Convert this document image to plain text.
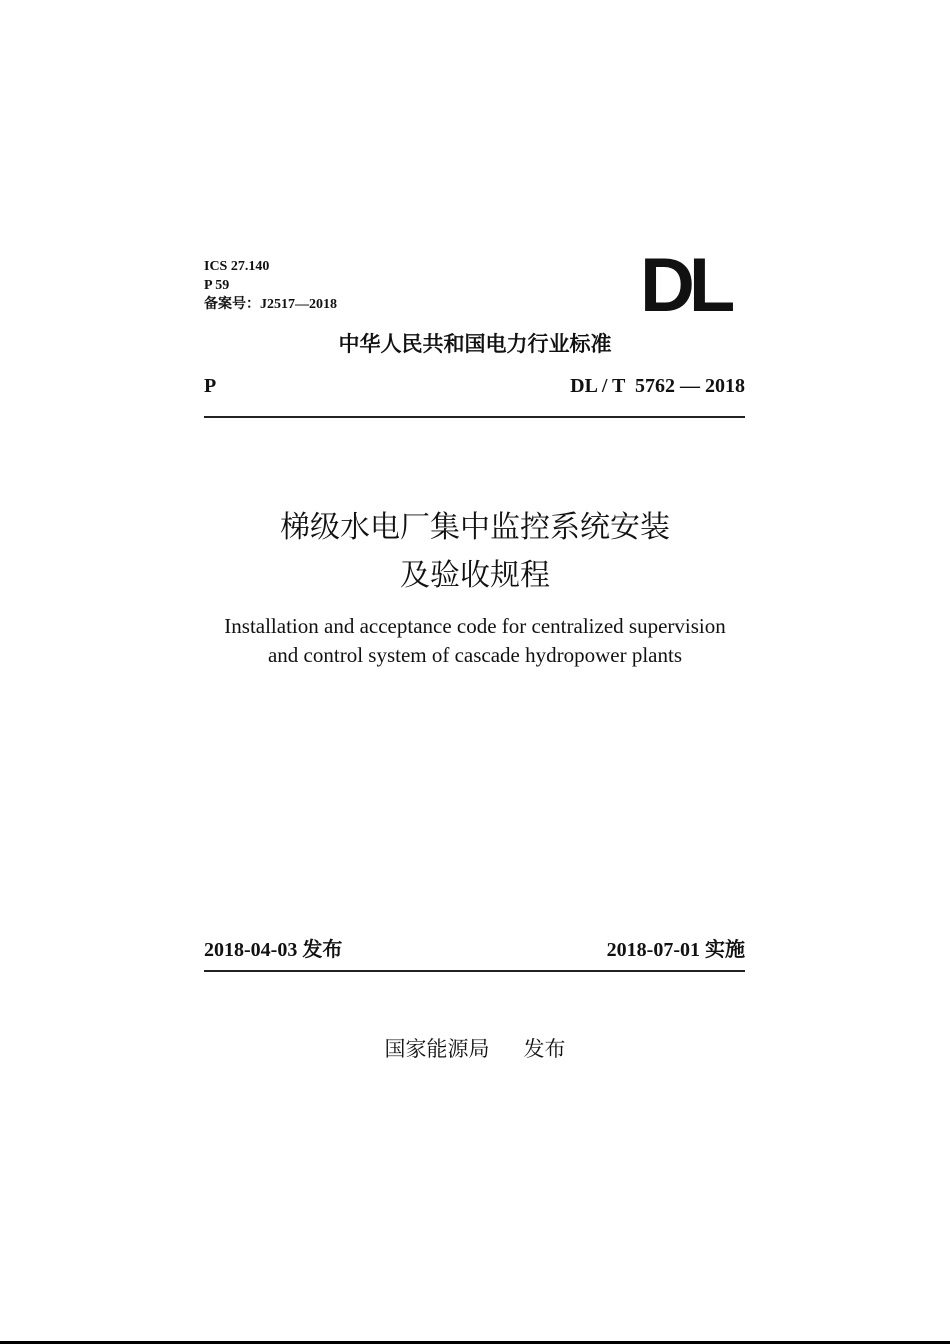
ICS 27.140
P 59
备案号：J2517—2018	DL
中华人民共和国电力行业标准
P	DL / T  5762 — 2018
梯级水电厂集中监控系统安装
及验收规程
Installation and acceptance code for centralized supervision
and control system of cascade hydropower plants
2018-04-03 发布	2018-07-01 实施
国家能源局 发布
